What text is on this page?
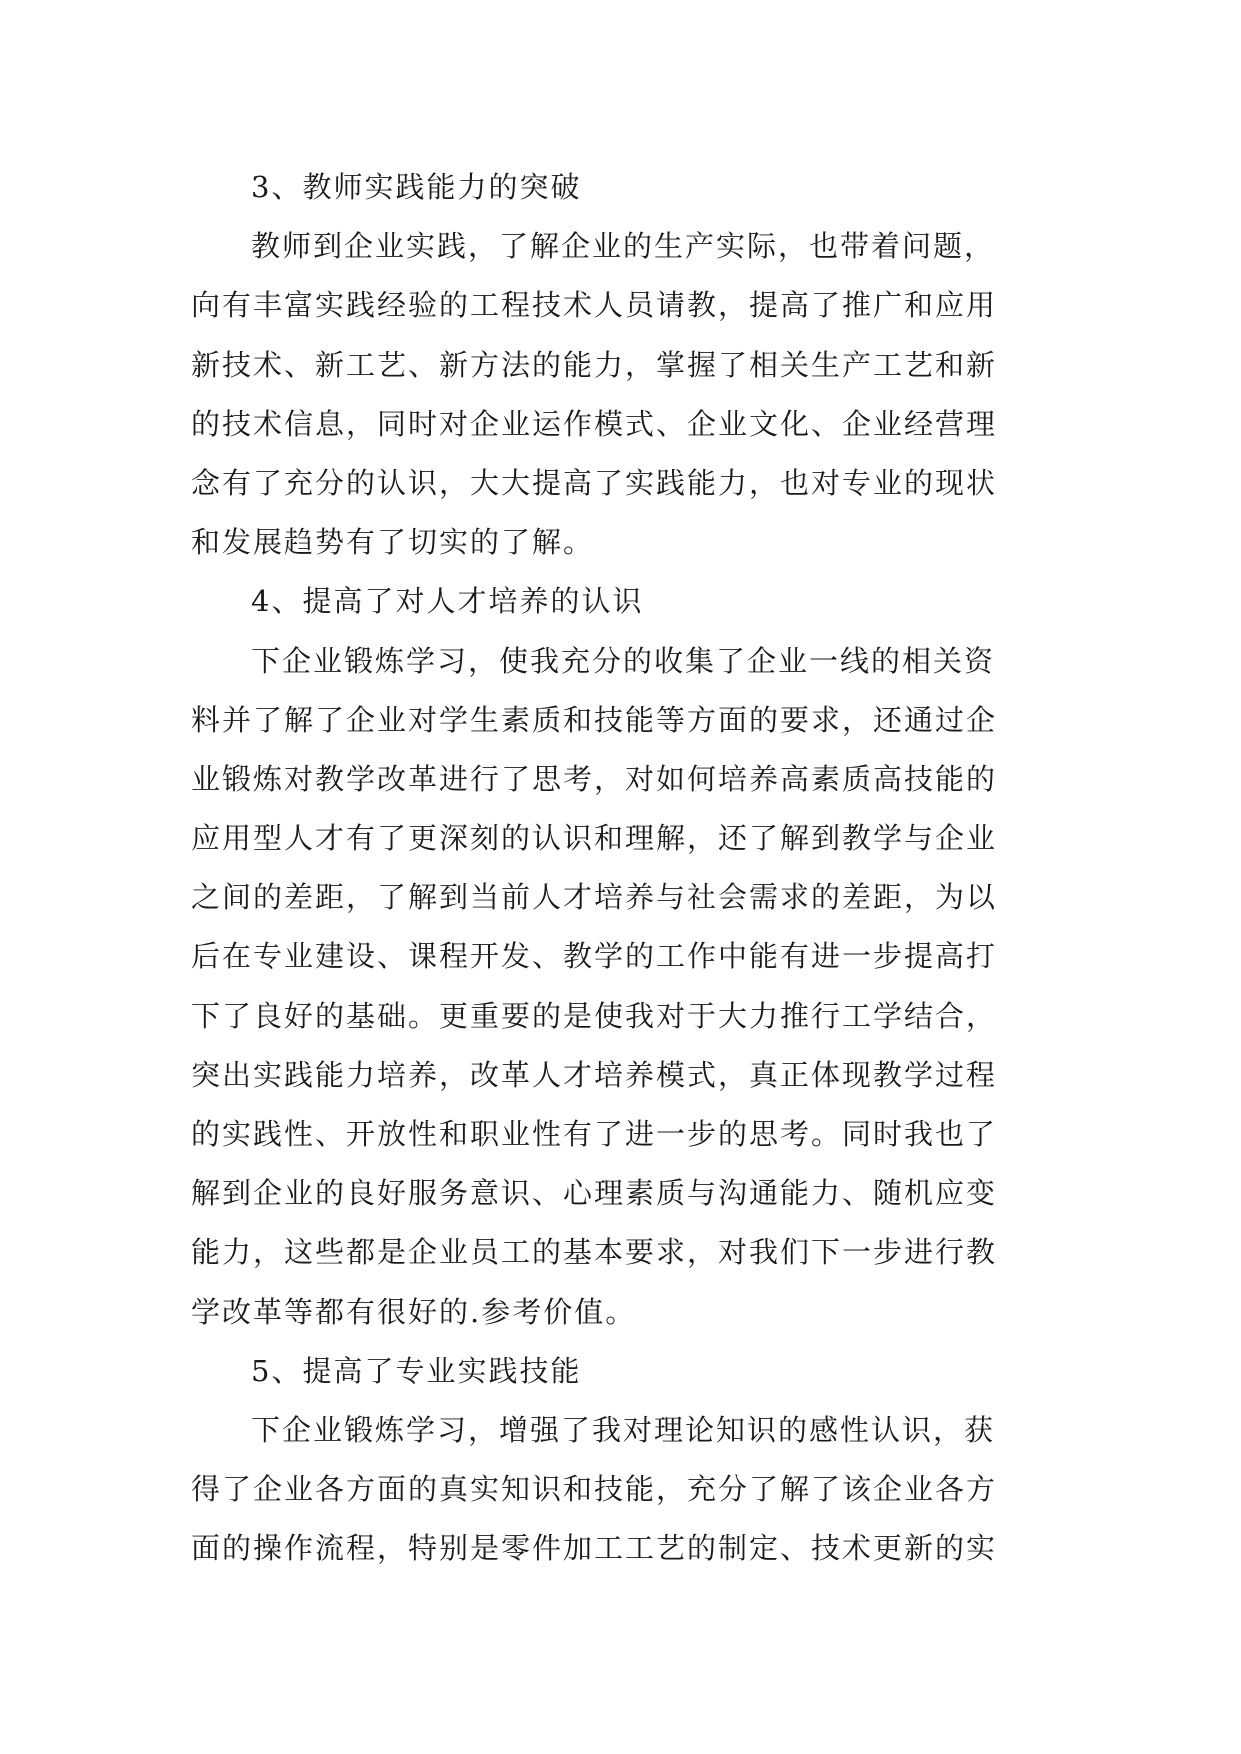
3、教师实践能力的突破
教师到企业实践，了解企业的生产实际，也带着问题，
向有丰富实践经验的工程技术人员请教，提高了推广和应用
新技术、新工艺、新方法的能力，掌握了相关生产工艺和新
的技术信息，同时对企业运作模式、企业文化、企业经营理
念有了充分的认识，大大提高了实践能力，也对专业的现状
和发展趋势有了切实的了解。
4、提高了对人才培养的认识
下企业锻炼学习，使我充分的收集了企业一线的相关资
料并了解了企业对学生素质和技能等方面的要求，还通过企
业锻炼对教学改革进行了思考，对如何培养高素质高技能的
应用型人才有了更深刻的认识和理解，还了解到教学与企业
之间的差距，了解到当前人才培养与社会需求的差距，为以
后在专业建设、课程开发、教学的工作中能有进一步提高打
下了良好的基础。更重要的是使我对于大力推行工学结合，
突出实践能力培养，改革人才培养模式，真正体现教学过程
的实践性、开放性和职业性有了进一步的思考。同时我也了
解到企业的良好服务意识、心理素质与沟通能力、随机应变
能力，这些都是企业员工的基本要求，对我们下一步进行教
学改革等都有很好的.参考价值。
5、提高了专业实践技能
下企业锻炼学习，增强了我对理论知识的感性认识，获
得了企业各方面的真实知识和技能，充分了解了该企业各方
面的操作流程，特别是零件加工工艺的制定、技术更新的实
